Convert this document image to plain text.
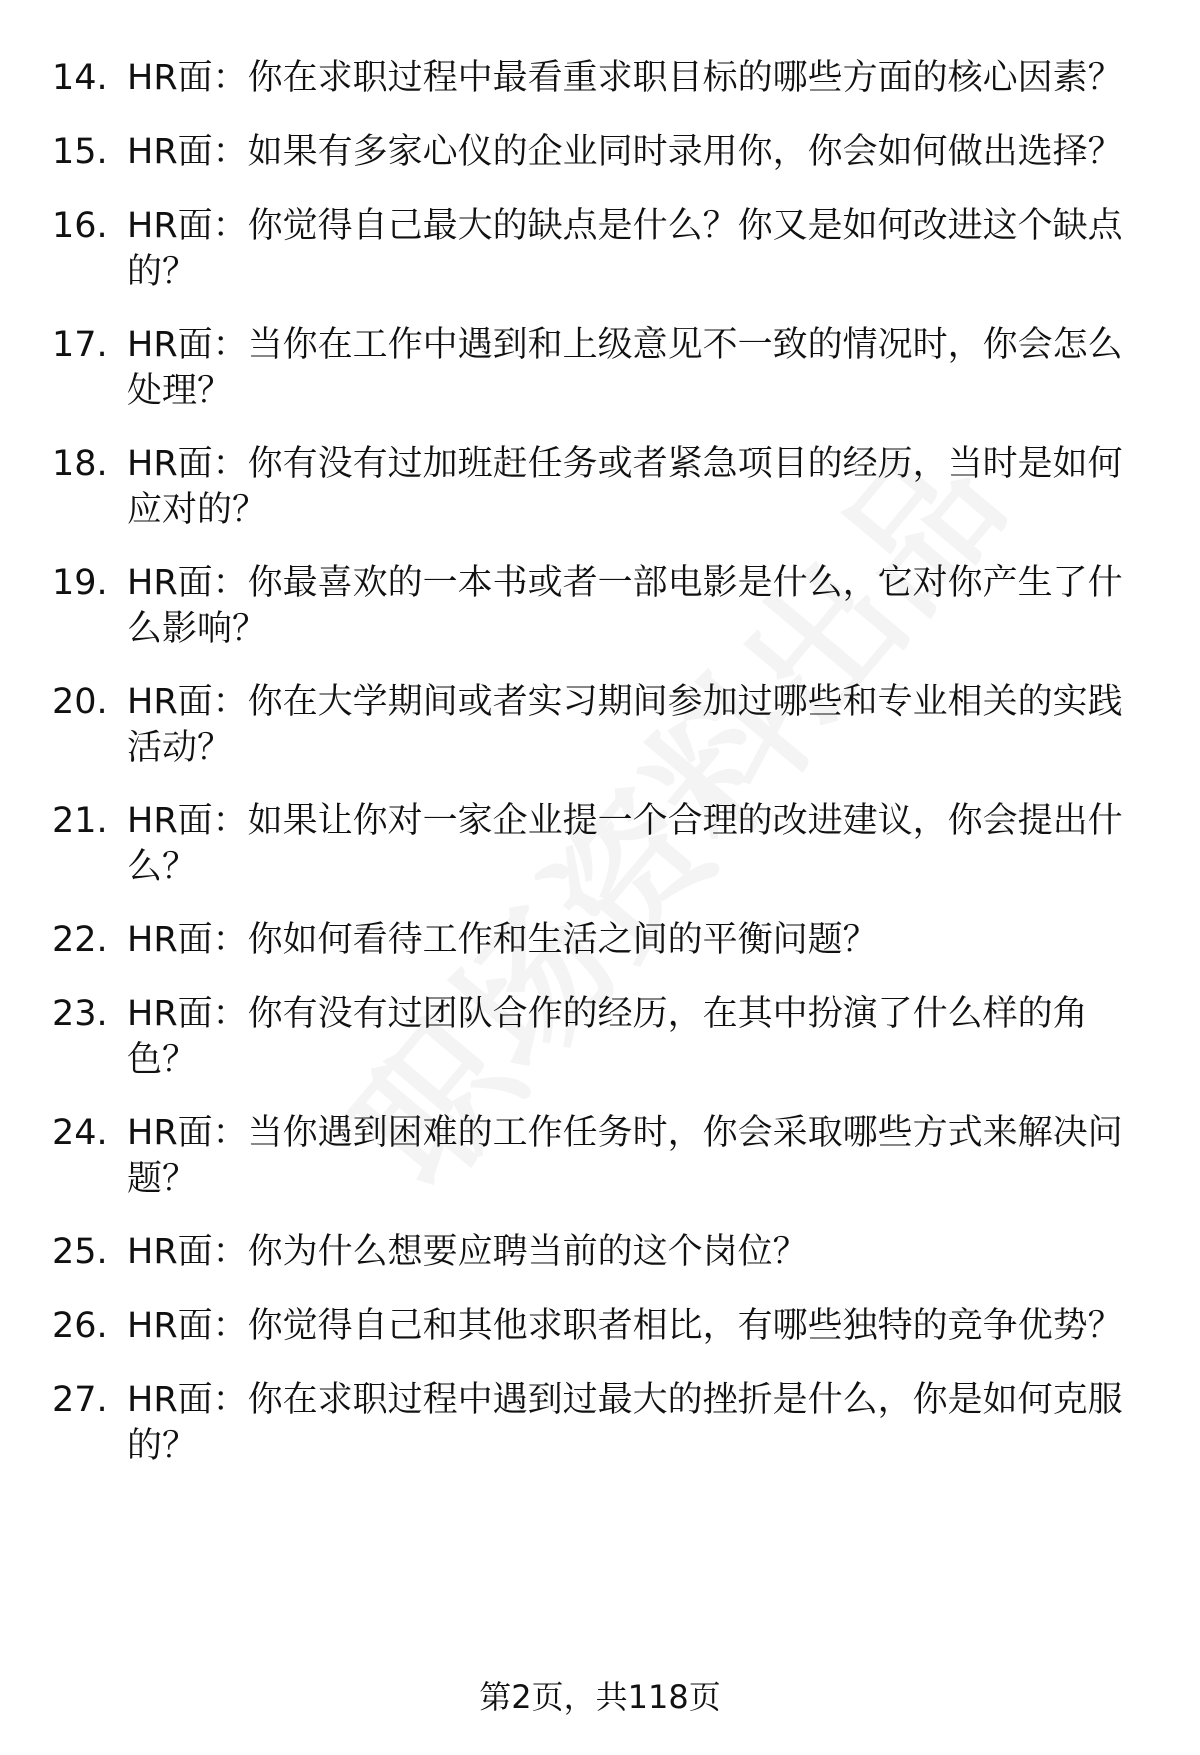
14. HR面：你在求职过程中最看重求职目标的哪些方面的核心因素？
15. HR面：如果有多家心仪的企业同时录用你，你会如何做出选择？
16. HR面：你觉得自己最大的缺点是什么？你又是如何改进这个缺点
的？
17. HR面：当你在工作中遇到和上级意见不一致的情况时，你会怎么
处理？
18. HR面：你有没有过加班赶任务或者紧急项目的经历，当时是如何
应对的？
19. HR面：你最喜欢的一本书或者一部电影是什么，它对你产生了什
么影响？
20. HR面：你在大学期间或者实习期间参加过哪些和专业相关的实践
活动？
21. HR面：如果让你对一家企业提一个合理的改进建议，你会提出什
么？
22. HR面：你如何看待工作和生活之间的平衡问题？
23. HR面：你有没有过团队合作的经历，在其中扮演了什么样的角
色？
24. HR面：当你遇到困难的工作任务时，你会采取哪些方式来解决问
题？
25. HR面：你为什么想要应聘当前的这个岗位？
26. HR面：你觉得自己和其他求职者相比，有哪些独特的竞争优势？
27. HR面：你在求职过程中遇到过最大的挫折是什么，你是如何克服
的？
第2页，共118页
